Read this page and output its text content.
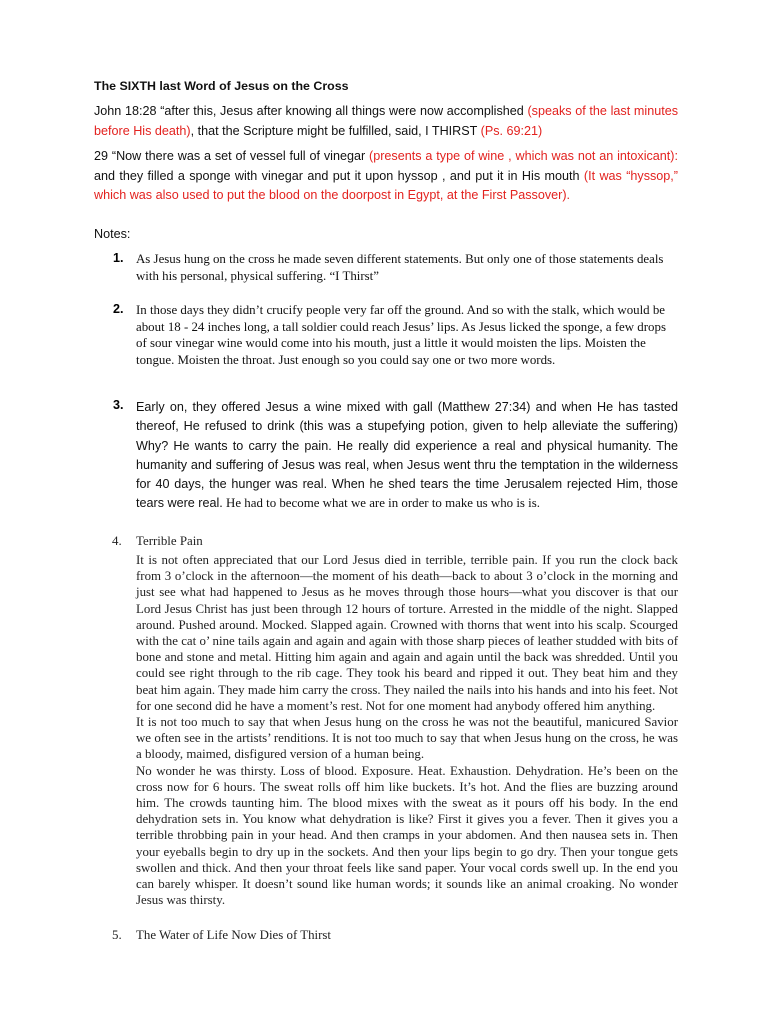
The SIXTH last Word of Jesus on the Cross
John 18:28 “after this, Jesus after knowing all things were now accomplished (speaks of the last minutes before His death), that the Scripture might be fulfilled, said, I THIRST (Ps. 69:21)
29 “Now there was a set of vessel full of vinegar (presents a type of wine , which was not an intoxicant): and they filled a sponge with vinegar and put it upon hyssop , and put it in His mouth (It was “hyssop,” which was also used to put the blood on the doorpost in Egypt, at the First Passover).
Notes:
1. As Jesus hung on the cross he made seven different statements. But only one of those statements deals with his personal, physical suffering. “I Thirst”
2. In those days they didn’t crucify people very far off the ground. And so with the stalk, which would be about 18 - 24 inches long, a tall soldier could reach Jesus’ lips. As Jesus licked the sponge, a few drops of sour vinegar wine would come into his mouth, just a little it would moisten the lips. Moisten the tongue. Moisten the throat. Just enough so you could say one or two more words.
3. Early on, they offered Jesus a wine mixed with gall (Matthew 27:34) and when He has tasted thereof, He refused to drink (this was a stupefying potion, given to help alleviate the suffering) Why? He wants to carry the pain. He really did experience a real and physical humanity. The humanity and suffering of Jesus was real, when Jesus went thru the temptation in the wilderness for 40 days, the hunger was real. When he shed tears the time Jerusalem rejected Him, those tears were real. He had to become what we are in order to make us who is is.
4. Terrible Pain

It is not often appreciated that our Lord Jesus died in terrible, terrible pain. If you run the clock back from 3 o’clock in the afternoon—the moment of his death—back to about 3 o’clock in the morning and just see what had happened to Jesus as he moves through those hours—what you discover is that our Lord Jesus Christ has just been through 12 hours of torture. Arrested in the middle of the night. Slapped around. Pushed around. Mocked. Slapped again. Crowned with thorns that went into his scalp. Scourged with the cat o’ nine tails again and again and again with those sharp pieces of leather studded with bits of bone and stone and metal. Hitting him again and again and again until the back was shredded. Until you could see right through to the rib cage. They took his beard and ripped it out. They beat him and they beat him again. They made him carry the cross. They nailed the nails into his hands and into his feet. Not for one second did he have a moment’s rest. Not for one moment had anybody offered him anything.

It is not too much to say that when Jesus hung on the cross he was not the beautiful, manicured Savior we often see in the artists’ renditions. It is not too much to say that when Jesus hung on the cross, he was a bloody, maimed, disfigured version of a human being.

No wonder he was thirsty. Loss of blood. Exposure. Heat. Exhaustion. Dehydration. He’s been on the cross now for 6 hours. The sweat rolls off him like buckets. It’s hot. And the flies are buzzing around him. The crowds taunting him. The blood mixes with the sweat as it pours off his body. In the end dehydration sets in. You know what dehydration is like? First it gives you a fever. Then it gives you a terrible throbbing pain in your head. And then cramps in your abdomen. And then nausea sets in. Then your eyeballs begin to dry up in the sockets. And then your lips begin to go dry. Then your tongue gets swollen and thick. And then your throat feels like sand paper. Your vocal cords swell up. In the end you can barely whisper. It doesn’t sound like human words; it sounds like an animal croaking. No wonder Jesus was thirsty.

5. The Water of Life Now Dies of Thirst
